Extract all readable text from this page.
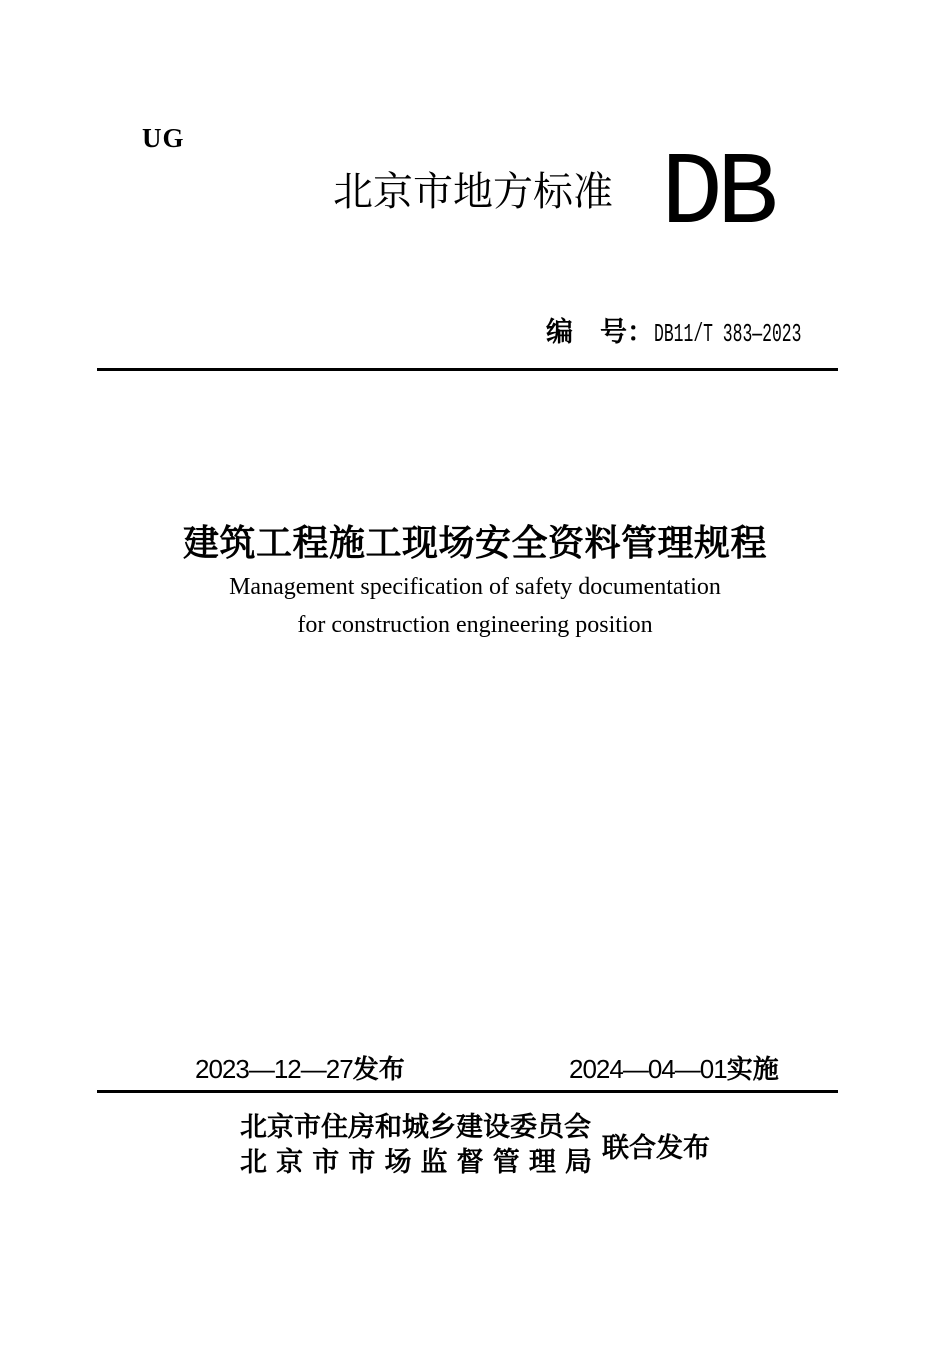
UG
北京市地方标准 DB
编　号： DB11/T 383—2023
建筑工程施工现场安全资料管理规程
Management specification of safety documentation
for construction engineering position
2023—12—27 发布	2024—04—01 实施
北京市住房和城乡建设委员会
北京市市场监督管理局 联合发布
